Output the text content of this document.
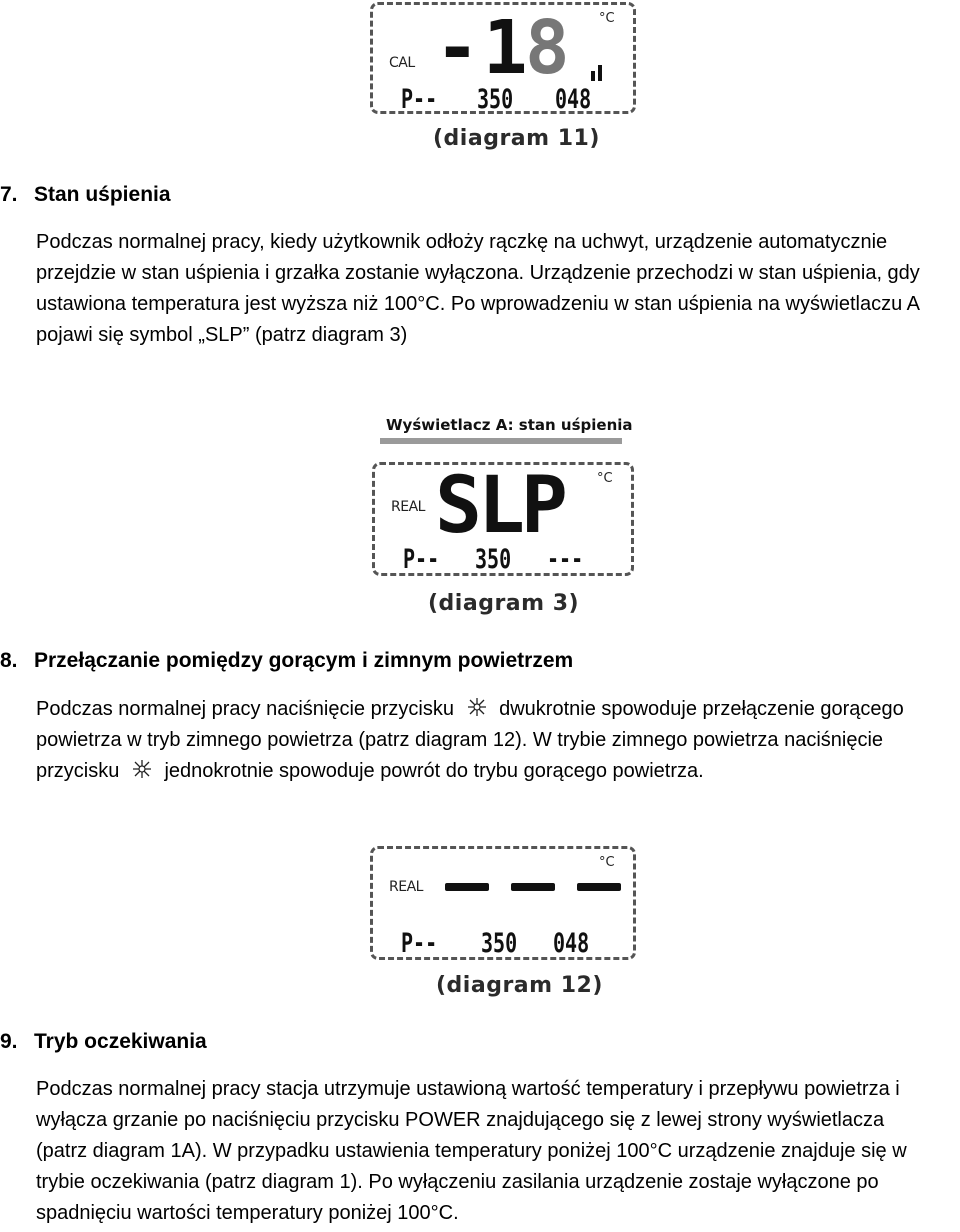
CAL - 1 8 °C
P-- 350 048
(diagram 11)
7. Stan uśpienia

Podczas normalnej pracy, kiedy użytkownik odłoży rączkę na uchwyt, urządzenie automatycznie przejdzie w stan uśpienia i grzałka zostanie wyłączona. Urządzenie przechodzi w stan uśpienia, gdy ustawiona temperatura jest wyższa niż 100°C. Po wprowadzeniu w stan uśpienia na wyświetlaczu A pojawi się symbol „SLP” (patrz diagram 3)

Wyświetlacz A: stan uśpienia
REAL SLP	°C
P-- 350 ---
(diagram 3)
8. Przełączanie pomiędzy gorącym i zimnym powietrzem

Podczas normalnej pracy naciśnięcie przycisku dwukrotnie spowoduje przełączenie gorącego powietrza w tryb zimnego powietrza (patrz diagram 12). W trybie zimnego powietrza naciśnięcie przycisku jednokrotnie spowoduje powrót do trybu gorącego powietrza.

REAL
°C
P-- 350 048
(diagram 12)
9. Tryb oczekiwania

Podczas normalnej pracy stacja utrzymuje ustawioną wartość temperatury i przepływu powietrza i wyłącza grzanie po naciśnięciu przycisku POWER znajdującego się z lewej strony wyświetlacza (patrz diagram 1A). W przypadku ustawienia temperatury poniżej 100°C urządzenie znajduje się w trybie oczekiwania (patrz diagram 1). Po wyłączeniu zasilania urządzenie zostaje wyłączone po spadnięciu wartości temperatury poniżej 100°C.
